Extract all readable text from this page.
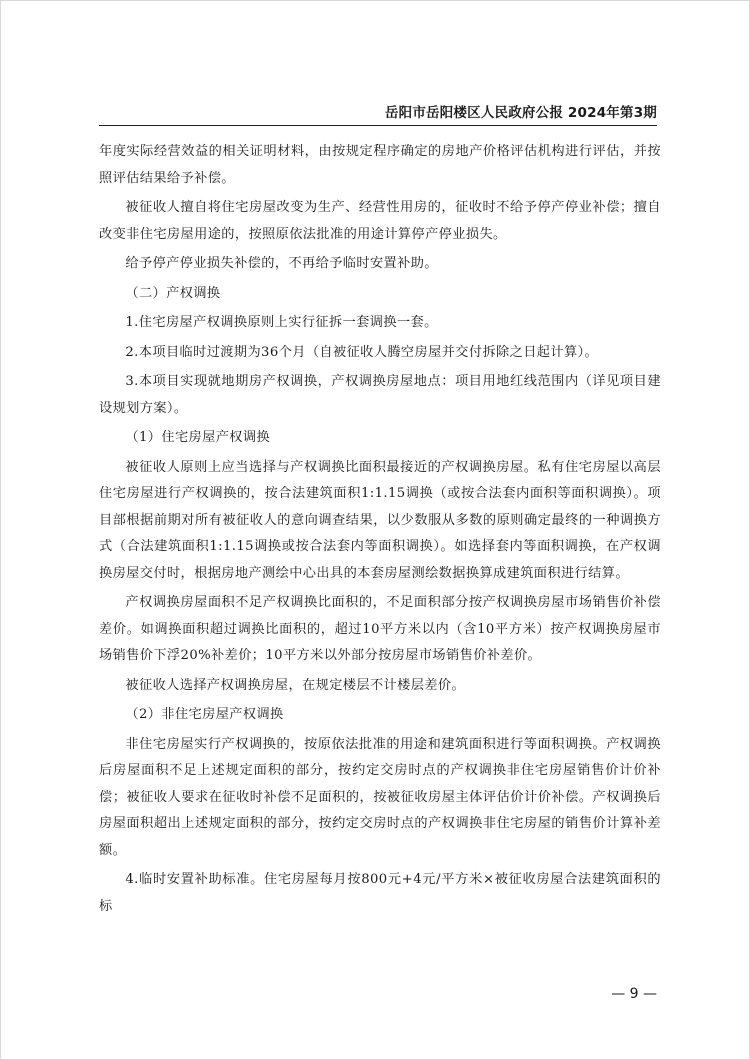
岳阳市岳阳楼区人民政府公报 2024年第3期

年度实际经营效益的相关证明材料，由按规定程序确定的房地产价格评估机构进行评估，并按照评估结果给予补偿。

被征收人擅自将住宅房屋改变为生产、经营性用房的，征收时不给予停产停业补偿；擅自改变非住宅房屋用途的，按照原依法批准的用途计算停产停业损失。

给予停产停业损失补偿的，不再给予临时安置补助。

（二）产权调换

1.住宅房屋产权调换原则上实行征拆一套调换一套。

2.本项目临时过渡期为36个月（自被征收人腾空房屋并交付拆除之日起计算）。

3.本项目实现就地期房产权调换，产权调换房屋地点：项目用地红线范围内（详见项目建设规划方案）。

（1）住宅房屋产权调换

被征收人原则上应当选择与产权调换比面积最接近的产权调换房屋。私有住宅房屋以高层住宅房屋进行产权调换的，按合法建筑面积1:1.15调换（或按合法套内面积等面积调换）。项目部根据前期对所有被征收人的意向调查结果，以少数服从多数的原则确定最终的一种调换方式（合法建筑面积1:1.15调换或按合法套内等面积调换）。如选择套内等面积调换，在产权调换房屋交付时，根据房地产测绘中心出具的本套房屋测绘数据换算成建筑面积进行结算。

产权调换房屋面积不足产权调换比面积的，不足面积部分按产权调换房屋市场销售价补偿差价。如调换面积超过调换比面积的，超过10平方米以内（含10平方米）按产权调换房屋市场销售价下浮20%补差价；10平方米以外部分按房屋市场销售价补差价。

被征收人选择产权调换房屋，在规定楼层不计楼层差价。

（2）非住宅房屋产权调换

非住宅房屋实行产权调换的，按原依法批准的用途和建筑面积进行等面积调换。产权调换后房屋面积不足上述规定面积的部分，按约定交房时点的产权调换非住宅房屋销售价计价补偿；被征收人要求在征收时补偿不足面积的，按被征收房屋主体评估价计价补偿。产权调换后房屋面积超出上述规定面积的部分，按约定交房时点的产权调换非住宅房屋的销售价计算补差额。

4.临时安置补助标准。住宅房屋每月按800元+4元/平方米×被征收房屋合法建筑面积的标

— 9 —
